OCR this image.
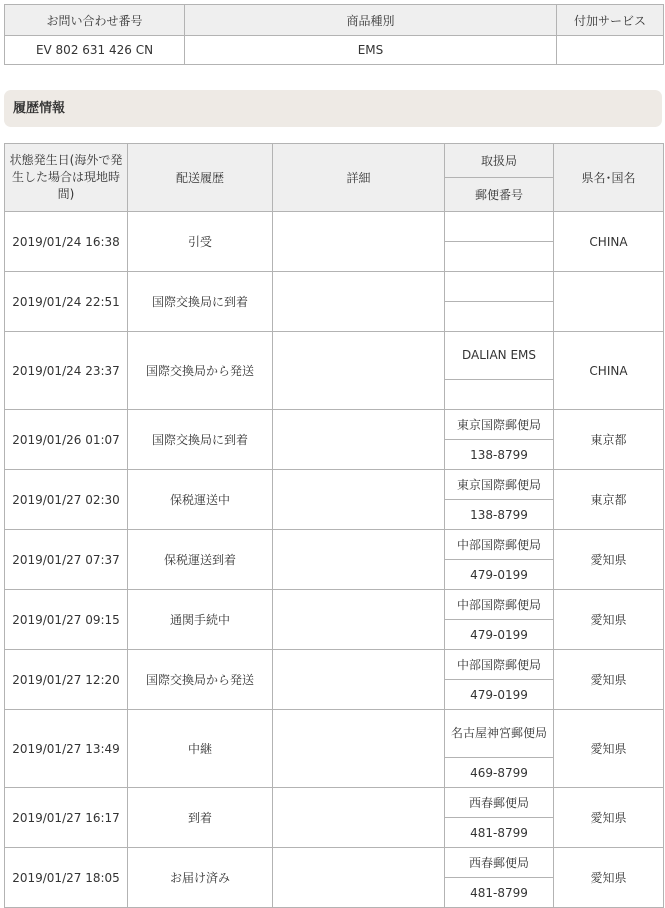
お問い合わせ番号	商品種別	付加サービス
EV 802 631 426 CN	EMS	
履歴情報
状態発生日(海外で発生した場合は現地時間)	配送履歴	詳細	取扱局	県名･国名
			郵便番号	
2019/01/24 16:38	引受			CHINA

2019/01/24 22:51	国際交換局に到着			

2019/01/24 23:37	国際交換局から発送		DALIAN EMS	CHINA

2019/01/26 01:07	国際交換局に到着		東京国際郵便局	東京都
			138-8799	
2019/01/27 02:30	保税運送中		東京国際郵便局	東京都
			138-8799	
2019/01/27 07:37	保税運送到着		中部国際郵便局	愛知県
			479-0199	
2019/01/27 09:15	通関手続中		中部国際郵便局	愛知県
			479-0199	
2019/01/27 12:20	国際交換局から発送		中部国際郵便局	愛知県
			479-0199	
2019/01/27 13:49	中継		名古屋神宮郵便局	愛知県
			469-8799	
2019/01/27 16:17	到着		西春郵便局	愛知県
			481-8799	
2019/01/27 18:05	お届け済み		西春郵便局	愛知県
			481-8799	
